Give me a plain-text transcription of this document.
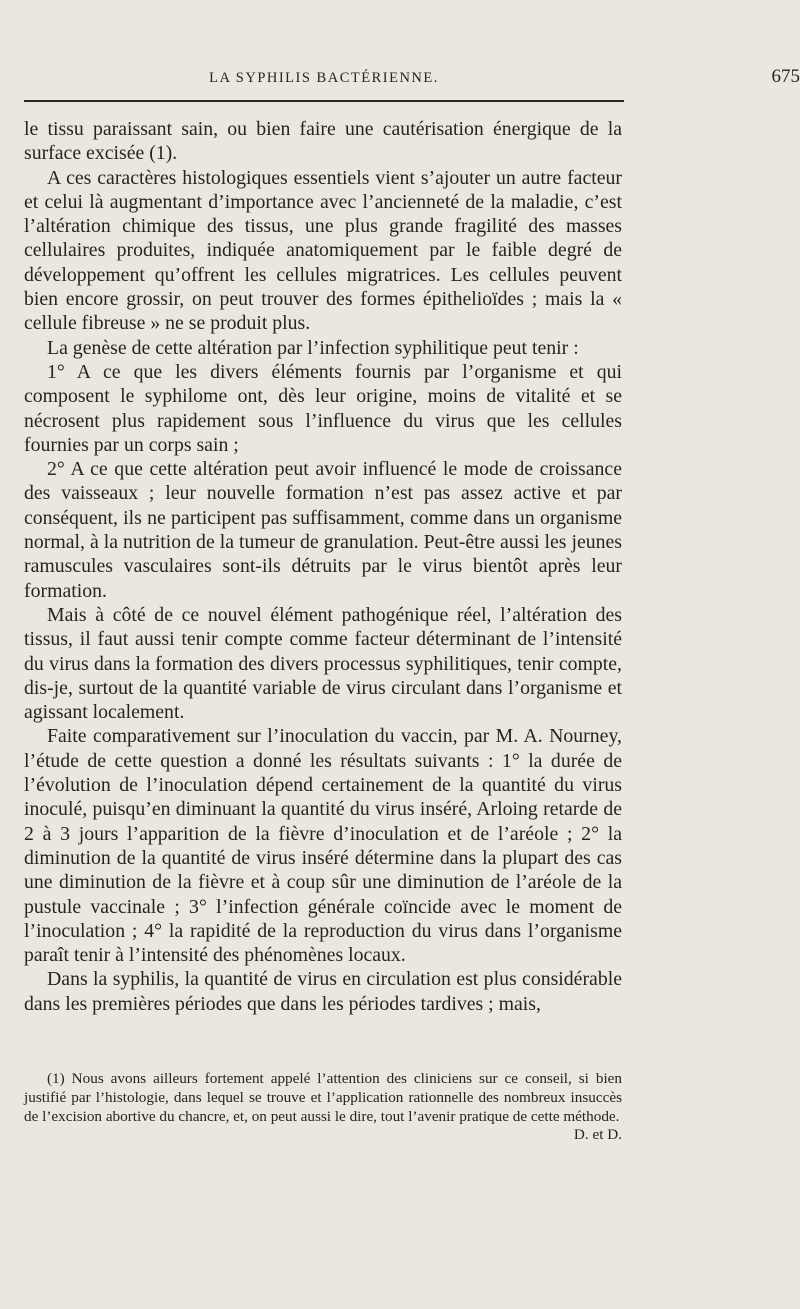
LA SYPHILIS BACTÉRIENNE.	675

le tissu paraissant sain, ou bien faire une cautérisation énergique de la surface excisée (1).

A ces caractères histologiques essentiels vient s’ajouter un autre facteur et celui là augmentant d’importance avec l’ancienneté de la maladie, c’est l’altération chimique des tissus, une plus grande fragilité des masses cellulaires produites, indiquée anatomiquement par le faible degré de développement qu’offrent les cellules migratrices. Les cellules peuvent bien encore grossir, on peut trouver des formes épithelioïdes ; mais la « cellule fibreuse » ne se produit plus.

La genèse de cette altération par l’infection syphilitique peut tenir :

1° A ce que les divers éléments fournis par l’organisme et qui composent le syphilome ont, dès leur origine, moins de vitalité et se nécrosent plus rapidement sous l’influence du virus que les cellules fournies par un corps sain ;

2° A ce que cette altération peut avoir influencé le mode de croissance des vaisseaux ; leur nouvelle formation n’est pas assez active et par conséquent, ils ne participent pas suffisamment, comme dans un organisme normal, à la nutrition de la tumeur de granulation. Peut-être aussi les jeunes ramuscules vasculaires sont-ils détruits par le virus bientôt après leur formation.

Mais à côté de ce nouvel élément pathogénique réel, l’altération des tissus, il faut aussi tenir compte comme facteur déterminant de l’intensité du virus dans la formation des divers processus syphilitiques, tenir compte, dis-je, surtout de la quantité variable de virus circulant dans l’organisme et agissant localement.

Faite comparativement sur l’inoculation du vaccin, par M. A. Nourney, l’étude de cette question a donné les résultats suivants : 1° la durée de l’évolution de l’inoculation dépend certainement de la quantité du virus inoculé, puisqu’en diminuant la quantité du virus inséré, Arloing retarde de 2 à 3 jours l’apparition de la fièvre d’inoculation et de l’aréole ; 2° la diminution de la quantité de virus inséré détermine dans la plupart des cas une diminution de la fièvre et à coup sûr une diminution de l’aréole de la pustule vaccinale ; 3° l’infection générale coïncide avec le moment de l’inoculation ; 4° la rapidité de la reproduction du virus dans l’organisme paraît tenir à l’intensité des phénomènes locaux.

Dans la syphilis, la quantité de virus en circulation est plus considérable dans les premières périodes que dans les périodes tardives ; mais,

(1) Nous avons ailleurs fortement appelé l’attention des cliniciens sur ce conseil, si bien justifié par l’histologie, dans lequel se trouve et l’application rationnelle des nombreux insuccès de l’excision abortive du chancre, et, on peut aussi le dire, tout l’avenir pratique de cette méthode.
D. et D.
